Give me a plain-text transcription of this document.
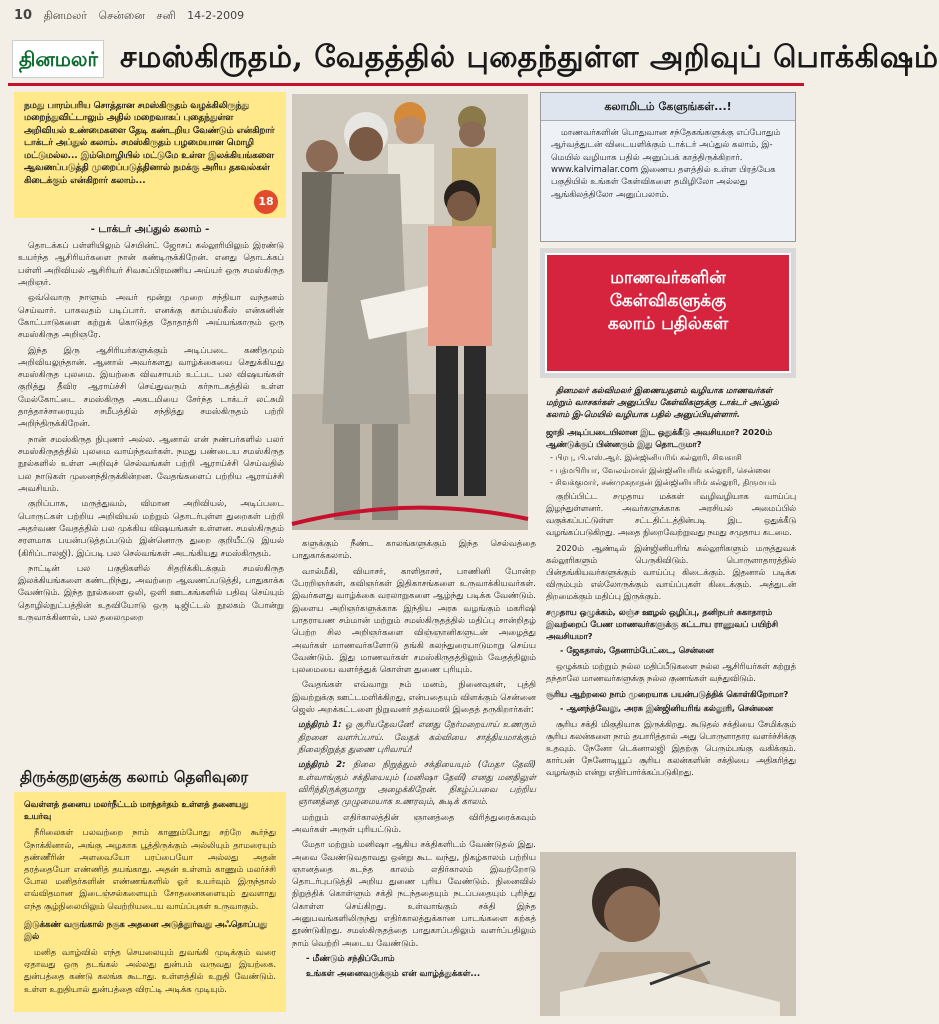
10 தினமலர் சென்னை சனி 14-2-2009
தினமலர் சமஸ்கிருதம், வேதத்தில் புதைந்துள்ள அறிவுப் பொக்கிஷம்
நமது பாரம்பரிய சொத்தான சமஸ்கிருதம் வழக்கிலிருந்து மறைந்துவிட்டாலும் அதில் மறைவாகப் புதைந்துள்ள அறிவியல் உண்மைகளை தேடி கண்டறிய வேண்டும் என்கிறார் டாக்டர் அப்துல் கலாம். சமஸ்கிருதம் பழமையான மொழி மட்டுமல்ல... இம்மொழியில் மட்டுமே உள்ள இலக்கியங்களை ஆவணப்படுத்தி முறைப்படுத்தினால் நமக்கு அரிய தகவல்கள் கிடைக்கும் என்கிறார் கலாம்...
18
- டாக்டர் அப்துல் கலாம் -

தொடக்கப் பள்ளியிலும் செயின்ட் ஜோசப் கல்லூரியிலும் இரண்டு உயர்ந்த ஆசிரியர்களை நான் கண்டிருக்கிறேன். எனது தொடக்கப் பள்ளி அறிவியல் ஆசிரியர் சிவசுப்பிரமணிய அய்யர் ஒரு சமஸ்கிருத அறிஞர்.

ஒவ்வொரு நாளும் அவர் மூன்று முறை சந்தியா வந்தனம் செய்வார். பாகவதம் படிப்பார். எனக்கு காம்பஸ்கீஸ் என்கனின் கோட்பாடுகளை கற்றுக் கொடுத்த தோதாத்ரி அய்யங்காரும் ஒரு சமஸ்கிருத அறிஞரே.

இந்த இரு ஆசிரியர்களுக்கும் அடிப்படை கணிதமும் அறிவியலுந்தான். ஆனால் அவர்களது வாழ்க்கையை செதுக்கியது சமஸ்கிருத புலமை. இயற்கை விவசாயம் உட்பட பல விஷயங்கள் குறித்து தீவிர ஆராய்ச்சி செய்துவரும் கர்நாடகத்தில் உள்ள மேல்கோட்டை சமஸ்கிருத அகடமியை சேர்ந்த டாக்டர் லட்சுமி தாத்தாச்சாரையும் சமீபத்தில் சந்தித்து சமஸ்கிருதம் பற்றி அறிந்திருக்கிறேன்.

நான் சமஸ்கிருத நிபுணர் அல்ல. ஆனால் என் நண்பர்களில் பலர் சமஸ்கிருதத்தில் புலமை வாய்ந்தவர்கள். நமது பண்டைய சமஸ்கிருத நூல்களில் உள்ள அறிவுச் செல்வங்கள் பற்றி ஆராய்ச்சி செய்வதில் பல நாடுகள் முனைந்திருக்கின்றன. வேதங்களைப் பற்றிய ஆராய்ச்சி அவசியம்.

குறிப்பாக, மருத்துவம், விமான அறிவியல், அடிப்படை பொருட்கள் பற்றிய அறிவியல் மற்றும் தொடர்புள்ள துறைகள் பற்றி அதர்வண வேதத்தில் பல முக்கிய விஷயங்கள் உள்ளன. சமஸ்கிருதம் சரளமாக பயன்படுத்தப்படும் இன்னொரு துறை குறியீட்டு இயல் (கிரிப்டாலஜி). இப்படி பல செல்வங்கள் அடங்கியது சமஸ்கிருதம்.

நாட்டின் பல பகுதிகளில் சிதறிக்கிடக்கும் சமஸ்கிருத இலக்கியங்களை கண்டறிந்து, அவற்றை ஆவணப்படுத்தி, பாதுகாக்க வேண்டும். இந்த நூல்களை ஒலி, ஒளி ஊடகங்களில் பதிவு செய்யும் தொழில்நுட்பத்தின் உதவியோடு ஒரு டிஜிட்டல் நூலகம் போன்று உருவாக்கினால், பல தலைமுறை

திருக்குறளுக்கு கலாம் தெளிவுரை
வெள்ளத் தனைய மலர்நீட்டம் மாந்தர்தம் உள்ளத் தனையது உயர்வு

நீரிலைகள் பலவற்றை நாம் காணும்போது சற்றே கூர்ந்து நோக்கினால், அங்கு அழகாக பூத்திருக்கும் அல்லியும் தாமரையும் தண்ணீரின் அளவையோ பரப்பையோ அல்லது அதன் தரத்தையோ எண்ணித் தயங்காது. அதன் உள்ளம் காணும் மலர்ச்சி போல மனிதர்களின் எண்ணங்களில் ஓர் உயர்வும் இருந்தால் எவ்விதமான இடைஞ்சல்களையும் சோதனைகளையும் துவளாது எந்த சூழ்நிலையிலும் வெற்றியடைய வாய்ப்புகள் உருவாகும்.

இடுக்கண் வருங்கால் நகுக அதனை அடுத்தூர்வது அஃதொப்பது இல்

மனித வாழ்வில் எந்த செயலையும் துவங்கி முடிக்கும் வரை ஏதாவது ஒரு தடங்கல் அல்லது துன்பம் வருவது இயற்கை. துன்பத்தை கண்டு கலங்க கூடாது. உள்ளத்தில் உறுதி வேண்டும். உள்ள உறுதியால் துன்பத்தை விரட்டி அடிக்க முடியும்.

களுக்கும் நீண்ட காலங்களுக்கும் இந்த செல்வத்தை பாதுகாக்கலாம்.

வால்மீகி, வியாசர், காளிதாசர், பாணினி போன்ற பேரறிஞர்கள், கவிஞர்கள் இதிகாசங்களை உருவாக்கியவர்கள். இவர்களது வாழ்க்கை வரலாறுகளை ஆழ்ந்து படிக்க வேண்டும். இளைய அறிஞர்களுக்காக இந்திய அரசு வழங்கும் மகரிஷி பாதராயண சம்மான் மற்றும் சமஸ்கிருதத்தில் மதிப்பு சான்றிதழ் பெற்ற சில அறிஞர்களை விஞ்ஞானிகளுடன் அழைத்து அவர்கள் மாணவர்களோடு தங்கி கலந்துரையாடுமாறு செய்ய வேண்டும். இது மாணவர்கள் சமஸ்கிருதத்திலும் வேதத்திலும் புலமையை வளர்த்துக் கொள்ள துணை புரியும்.

வேதங்கள் எவ்வாறு நம் மனம், நினைவுகள், புத்தி இவற்றுக்கு ஊட்டமளிக்கிறது, என்பதையும் விளக்கும் சென்னை ஜெஸ் அறக்கட்டளை நிறுவனர் தத்வமஸி இதைத் தருகிறார்கள்:

மந்திரம் 1: ஓ சூரியதேவனே! எனது நேர்மறையாய் உணரும் திறனை வளர்ப்பாய். வேதக் கல்வியை சாத்தியமாக்கும் நிலைநிறுத்த துணை புரிவாய்!

மந்திரம் 2: நிலை நிறுத்தும் சக்தியையும் (மேதா தேவி) உள்வாங்கும் சக்தியையும் (மனிஷா தேவி) எனது மனதிலுள் விரிந்திருக்குமாறு அழைக்கிறேன். நிகழ்ப்பவை பற்றிய ஞானத்தை முழுமையாக உணரவும், கூடிக் காலம்.

மற்றும் எதிர்காலத்தின் ஞானத்தை விரித்துரைக்கவும் அவர்கள் அருள் புரியட்டும்.

மேதா மற்றும் மனிஷா ஆகிய சக்திகளிடம் வேண்டுதல் இது. அவை வேண்டுவதாவது ஒன்று கூட வந்து, நிகழ்காலம் பற்றிய ஞானத்தை கடந்த காலம் எதிர்காலம் இவற்றோடு தொடர்புபடுத்தி அறிய துணை புரிய வேண்டும். நினைவில் நிறுத்திக் கொள்ளும் சக்தி நடந்ததையும் நடப்பதையும் புரிந்து கொள்ள செய்கிறது. உள்வாங்கும் சக்தி இந்த அனுபவங்களிலிருந்து எதிர்காலத்துக்கான பாடங்களை கற்கத் தூண்டுகிறது. சமஸ்கிருதத்தை பாதுகாப்பதிலும் வளர்ப்பதிலும் நாம் வெற்றி அடைய வேண்டும்.

- மீண்டும் சந்திப்போம்

உங்கள் அனைவருக்கும் என் வாழ்த்துக்கள்...

கலாமிடம் கேளுங்கள்...!
மாணவர்களின் பொதுவான சந்தேகங்களுக்கு எப்போதும் ஆர்வத்துடன் விடையளிக்கும் டாக்டர் அப்துல் கலாம், இ-மெயில் வழியாக பதில் அனுப்பக் காத்திருக்கிறார். www.kalvimalar.com இணைய தளத்தில் உள்ள பிரத்யேக பகுதியில் உங்கள் கேள்விகளை தமிழிலோ அல்லது ஆங்கிலத்திலோ அனுப்பலாம்.
மாணவர்களின்
கேள்விகளுக்கு
கலாம் பதில்கள்

தினமலர் கல்விமலர் இணையதளம் வழியாக மாணவர்கள் மற்றும் வாசகர்கள் அனுப்பிய கேள்விகளுக்கு டாக்டர் அப்துல் கலாம் இ-மெயில் வழியாக பதில் அனுப்பியுள்ளார்.

ஜாதி அடிப்படையிலான இட ஒதுக்கீடு அவசியமா? 2020ம் ஆண்டுக்குப் பின்னரும் இது தொடருமா?

- பிரபு, பி.எஸ்.ஆர். இன்ஜினியரிங் கல்லூரி, சிவகாசி

- பத்மபிரியா, வேலம்மாள் இன்ஜினியரிங் கல்லூரி, சென்னை

- சிவக்குமார், சண்முகநாதன் இன்ஜினியரிங் கல்லூரி, திருமயம்

குறிப்பிட்ட சமுதாய மக்கள் வழிவழியாக வாய்ப்பு இழந்துள்ளனர். அவர்களுக்காக அரசியல் அமைப்பில் வகுக்கப்பட்டுள்ள சட்டதிட்டத்தின்படி இட ஒதுக்கீடு வழங்கப்படுகிறது. அதை நிறைவேற்றுவது நமது சமுதாய கடமை.

2020ம் ஆண்டில் இன்ஜினியரிங் கல்லூரிகளும் மருத்துவக் கல்லூரிகளும் பெருகிவிடும். பொருளாதாரத்தில் பின்தங்கியவர்களுக்கும் வாய்ப்பு கிடைக்கும். இதனால் படிக்க விரும்பும் எல்லோருக்கும் வாய்ப்புகள் கிடைக்கும். அத்துடன் திறமைக்கும் மதிப்பு இருக்கும்.

சமுதாய ஒழுக்கம், லஞ்ச ஊழல் ஒழிப்பு, தனிநபர் சுகாதாரம் இவற்றைப் பேண மாணவர்களுக்கு கட்டாய ராணுவப் பயிற்சி அவசியமா?

- ஜேகதாஸ், தேனாம்பேட்டை, சென்னை

ஒழுக்கம் மற்றும் நல்ல மதிப்பீடுகளை நல்ல ஆசிரியர்கள் கற்றுத் தந்தாலே மாணவர்களுக்கு நல்ல குணங்கள் வந்துவிடும்.

சூரிய ஆற்றலை நாம் முறையாக பயன்படுத்திக் கொள்கிறோமா?

- ஆனந்த்வேலு, அரசு இன்ஜினியரிங் கல்லூரி, சென்னை

சூரிய சக்தி மிகுதியாக இருக்கிறது. கூடுதல் சக்தியை சேமிக்கும் சூரிய கலன்களை நாம் தயாரித்தால் அது பொருளாதார வளர்ச்சிக்கு உதவும். நேனோ டெக்னாலஜி இதற்கு பெரும்பங்கு வகிக்கும். கார்பன் நேனோடியூப் சூரிய கலன்களின் சக்தியை அதிகரித்து வழங்கும் என்று எதிர்பார்க்கப்படுகிறது.
